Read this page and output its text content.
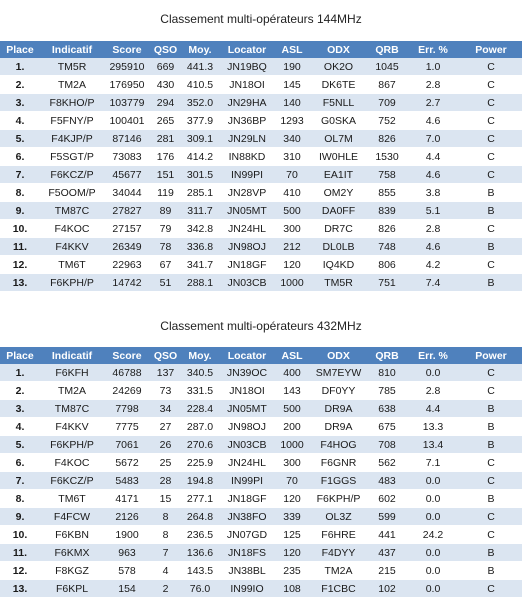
Classement multi-opérateurs 144MHz
Place	Indicatif	Score	QSO	Moy.	Locator	ASL	ODX	QRB	Err. %	Power
1.	TM5R	295910	669	441.3	JN19BQ	190	OK2O	1045	1.0	C
2.	TM2A	176950	430	410.5	JN18OI	145	DK6TE	867	2.8	C
3.	F8KHO/P	103779	294	352.0	JN29HA	140	F5NLL	709	2.7	C
4.	F5FNY/P	100401	265	377.9	JN36BP	1293	G0SKA	752	4.6	C
5.	F4KJP/P	87146	281	309.1	JN29LN	340	OL7M	826	7.0	C
6.	F5SGT/P	73083	176	414.2	IN88KD	310	IW0HLE	1530	4.4	C
7.	F6KCZ/P	45677	151	301.5	IN99PI	70	EA1IT	758	4.6	C
8.	F5OOM/P	34044	119	285.1	JN28VP	410	OM2Y	855	3.8	B
9.	TM87C	27827	89	311.7	JN05MT	500	DA0FF	839	5.1	B
10.	F4KOC	27157	79	342.8	JN24HL	300	DR7C	826	2.8	C
11.	F4KKV	26349	78	336.8	JN98OJ	212	DL0LB	748	4.6	B
12.	TM6T	22963	67	341.7	JN18GF	120	IQ4KD	806	4.2	C
13.	F6KPH/P	14742	51	288.1	JN03CB	1000	TM5R	751	7.4	B
Classement multi-opérateurs 432MHz
Place	Indicatif	Score	QSO	Moy.	Locator	ASL	ODX	QRB	Err. %	Power
1.	F6KFH	46788	137	340.5	JN39OC	400	SM7EYW	810	0.0	C
2.	TM2A	24269	73	331.5	JN18OI	143	DF0YY	785	2.8	C
3.	TM87C	7798	34	228.4	JN05MT	500	DR9A	638	4.4	B
4.	F4KKV	7775	27	287.0	JN98OJ	200	DR9A	675	13.3	B
5.	F6KPH/P	7061	26	270.6	JN03CB	1000	F4HOG	708	13.4	B
6.	F4KOC	5672	25	225.9	JN24HL	300	F6GNR	562	7.1	C
7.	F6KCZ/P	5483	28	194.8	IN99PI	70	F1GGS	483	0.0	C
8.	TM6T	4171	15	277.1	JN18GF	120	F6KPH/P	602	0.0	B
9.	F4FCW	2126	8	264.8	JN38FO	339	OL3Z	599	0.0	C
10.	F6KBN	1900	8	236.5	JN07GD	125	F6HRE	441	24.2	C
11.	F6KMX	963	7	136.6	JN18FS	120	F4DYY	437	0.0	B
12.	F8KGZ	578	4	143.5	JN38BL	235	TM2A	215	0.0	B
13.	F6KPL	154	2	76.0	IN99IO	108	F1CBC	102	0.0	C
